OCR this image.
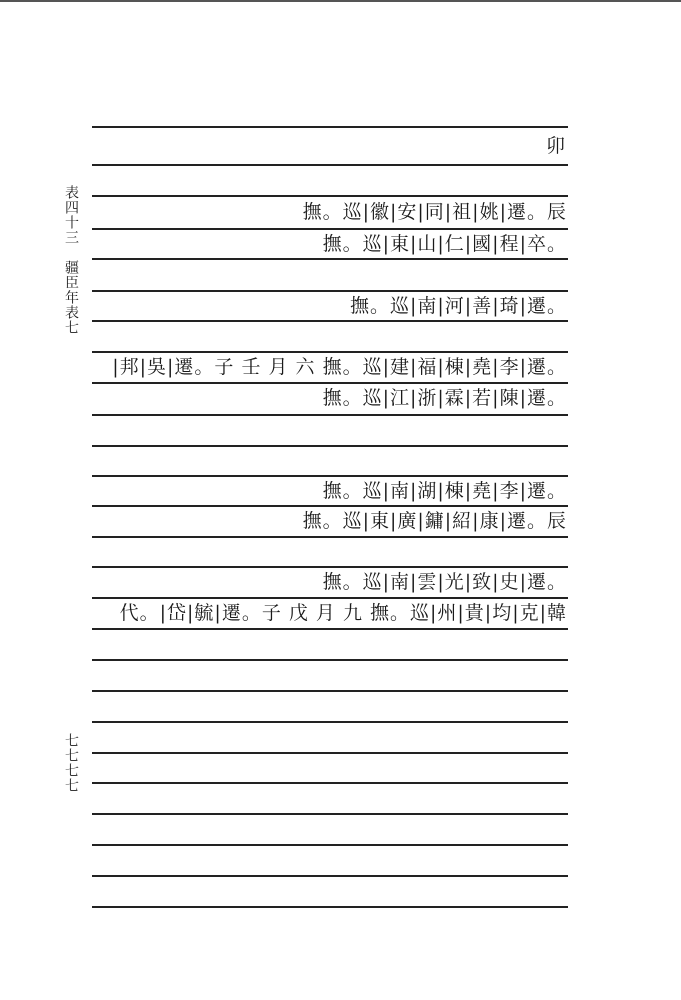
表四十三　疆臣年表七
七七七七
卯
撫。巡|徽|安|同|祖|姚|遷。辰
撫。巡|東|山|仁|國|程|卒。
撫。巡|南|河|善|琦|遷。
|邦|吳|遷。子 壬 月 六 撫。巡|建|福|棟|堯|李|遷。
撫。巡|江|浙|霖|若|陳|遷。
撫。巡|南|湖|棟|堯|李|遷。
撫。巡|東|廣|鏞|紹|康|遷。辰
撫。巡|南|雲|光|致|史|遷。
代。|岱|毓|遷。子 戊 月 九 撫。巡|州|貴|均|克|韓
